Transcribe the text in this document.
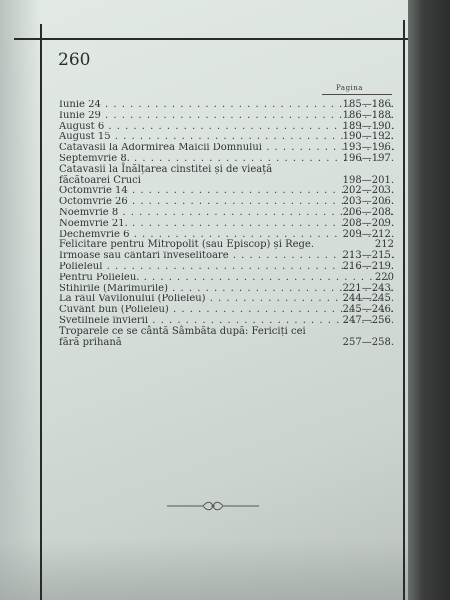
260
Pagina
Iunie 24 . . .	185—186.
Iunie 29 . . .	186—188.
August 6 . . .	189—190.
August 15 . . .	190—192.
Catavasii la Adormirea Maicii Domnului . . .	193—196.
Septemvrie 8. . . .	196—197.
Catavasii la Înălțarea cinstitei și de vieață făcătoarei Cruci	198—201.
Octomvrie 14 . . .	202—203.
Octomvrie 26 . . .	203—206.
Noemvrie 8 . . .	206—208.
Noemvrie 21. . . .	208—209.
Dechemvrie 6 . . .	209—212.
Felicitare pentru Mitropolit (sau Episcop) și Rege.	212
Irmoase sau cântări înveselitoare . . .	213—215.
Polieleul . . .	216—219.
Pentru Polieleu. . . .	220
Stihirile (Mărimurile) . . .	221—243.
La râul Vavilonului (Polieleu) . . .	244—245.
Cuvânt bun (Polieleu) . . .	245—246.
Svetilnele învierii . . .	247—256.
Troparele ce se cântă Sâmbăta după: Fericiți cei fără prihană	257—258.
